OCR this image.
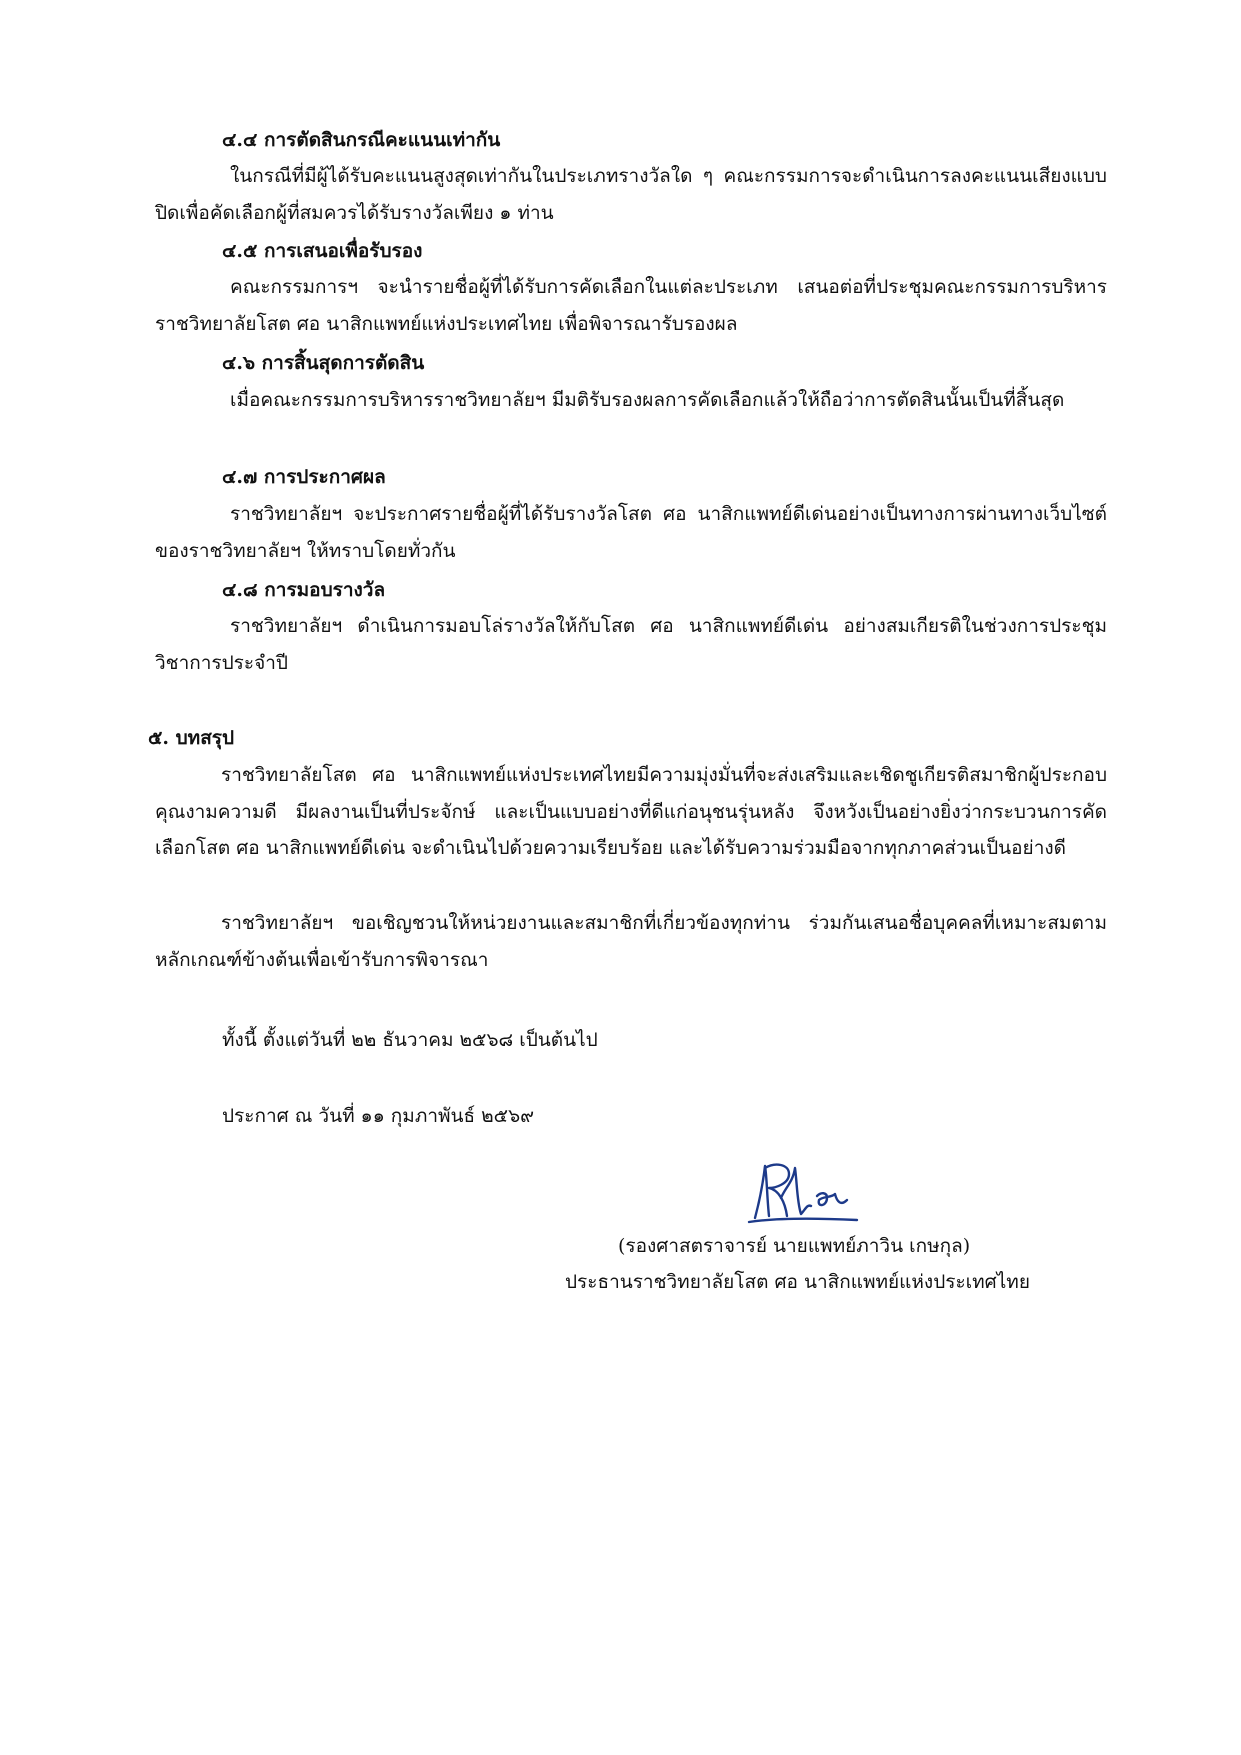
๔.๔ การตัดสินกรณีคะแนนเท่ากัน
ในกรณีที่มีผู้ได้รับคะแนนสูงสุดเท่ากันในประเภทรางวัลใด ๆ คณะกรรมการจะดำเนินการลงคะแนนเสียงแบบปิดเพื่อคัดเลือกผู้ที่สมควรได้รับรางวัลเพียง ๑ ท่าน
๔.๕ การเสนอเพื่อรับรอง
คณะกรรมการฯ จะนำรายชื่อผู้ที่ได้รับการคัดเลือกในแต่ละประเภท เสนอต่อที่ประชุมคณะกรรมการบริหารราชวิทยาลัยโสต ศอ นาสิกแพทย์แห่งประเทศไทย เพื่อพิจารณารับรองผล
๔.๖ การสิ้นสุดการตัดสิน
เมื่อคณะกรรมการบริหารราชวิทยาลัยฯ มีมติรับรองผลการคัดเลือกแล้วให้ถือว่าการตัดสินนั้นเป็นที่สิ้นสุด
๔.๗ การประกาศผล
ราชวิทยาลัยฯ จะประกาศรายชื่อผู้ที่ได้รับรางวัลโสต ศอ นาสิกแพทย์ดีเด่นอย่างเป็นทางการผ่านทางเว็บไซต์ของราชวิทยาลัยฯ ให้ทราบโดยทั่วกัน
๔.๘ การมอบรางวัล
ราชวิทยาลัยฯ ดำเนินการมอบโล่รางวัลให้กับโสต ศอ นาสิกแพทย์ดีเด่น อย่างสมเกียรติในช่วงการประชุมวิชาการประจำปี
๕. บทสรุป
ราชวิทยาลัยโสต ศอ นาสิกแพทย์แห่งประเทศไทยมีความมุ่งมั่นที่จะส่งเสริมและเชิดชูเกียรติสมาชิกผู้ประกอบคุณงามความดี มีผลงานเป็นที่ประจักษ์ และเป็นแบบอย่างที่ดีแก่อนุชนรุ่นหลัง จึงหวังเป็นอย่างยิ่งว่ากระบวนการคัดเลือกโสต ศอ นาสิกแพทย์ดีเด่น จะดำเนินไปด้วยความเรียบร้อย และได้รับความร่วมมือจากทุกภาคส่วนเป็นอย่างดี
ราชวิทยาลัยฯ ขอเชิญชวนให้หน่วยงานและสมาชิกที่เกี่ยวข้องทุกท่าน ร่วมกันเสนอชื่อบุคคลที่เหมาะสมตามหลักเกณฑ์ข้างต้นเพื่อเข้ารับการพิจารณา
ทั้งนี้ ตั้งแต่วันที่ ๒๒ ธันวาคม ๒๕๖๘ เป็นต้นไป
ประกาศ ณ วันที่ ๑๑ กุมภาพันธ์ ๒๕๖๙
(รองศาสตราจารย์ นายแพทย์ภาวิน เกษกุล)
ประธานราชวิทยาลัยโสต ศอ นาสิกแพทย์แห่งประเทศไทย
